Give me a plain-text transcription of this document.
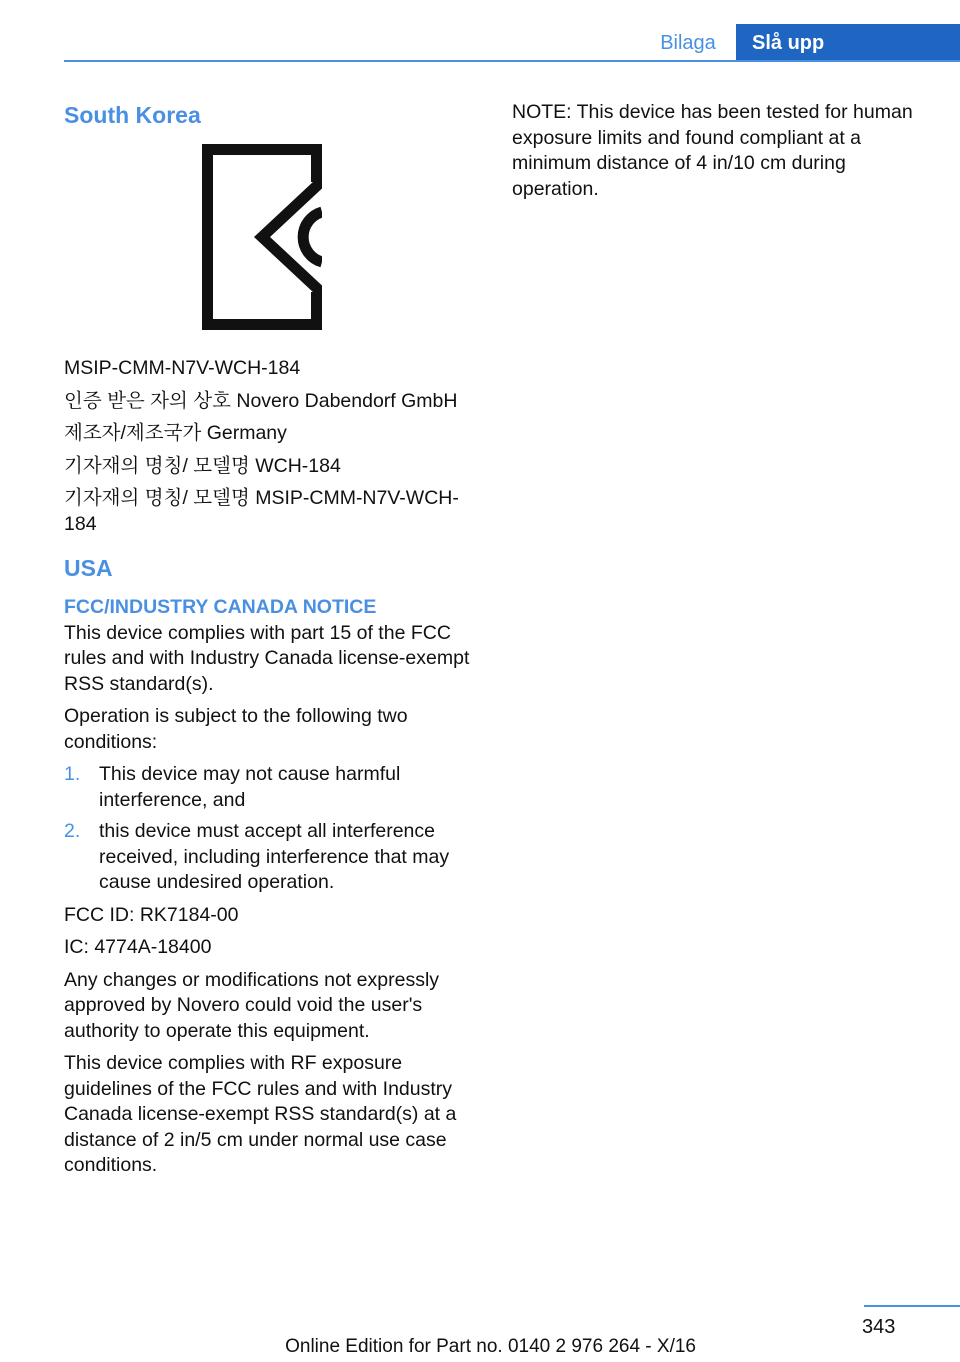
Bilaga	Slå upp
South Korea

MSIP-CMM-N7V-WCH-184

인증 받은 자의 상호 Novero Dabendorf GmbH

제조자/제조국가 Germany

기자재의 명칭/ 모델명 WCH-184

기자재의 명칭/ 모델명 MSIP-CMM-N7V-WCH-184

USA

FCC/INDUSTRY CANADA NOTICE

This device complies with part 15 of the FCC rules and with Industry Canada license-exempt RSS standard(s).

Operation is subject to the following two conditions:

1. This device may not cause harmful interference, and
2. this device must accept all interference received, including interference that may cause undesired operation.

FCC ID: RK7184-00

IC: 4774A-18400

Any changes or modifications not expressly approved by Novero could void the user's authority to operate this equipment.

This device complies with RF exposure guidelines of the FCC rules and with Industry Canada license-exempt RSS standard(s) at a distance of 2 in/5 cm under normal use case conditions.

NOTE: This device has been tested for human exposure limits and found compliant at a minimum distance of 4 in/10 cm during operation.

343
Online Edition for Part no. 0140 2 976 264 - X/16
